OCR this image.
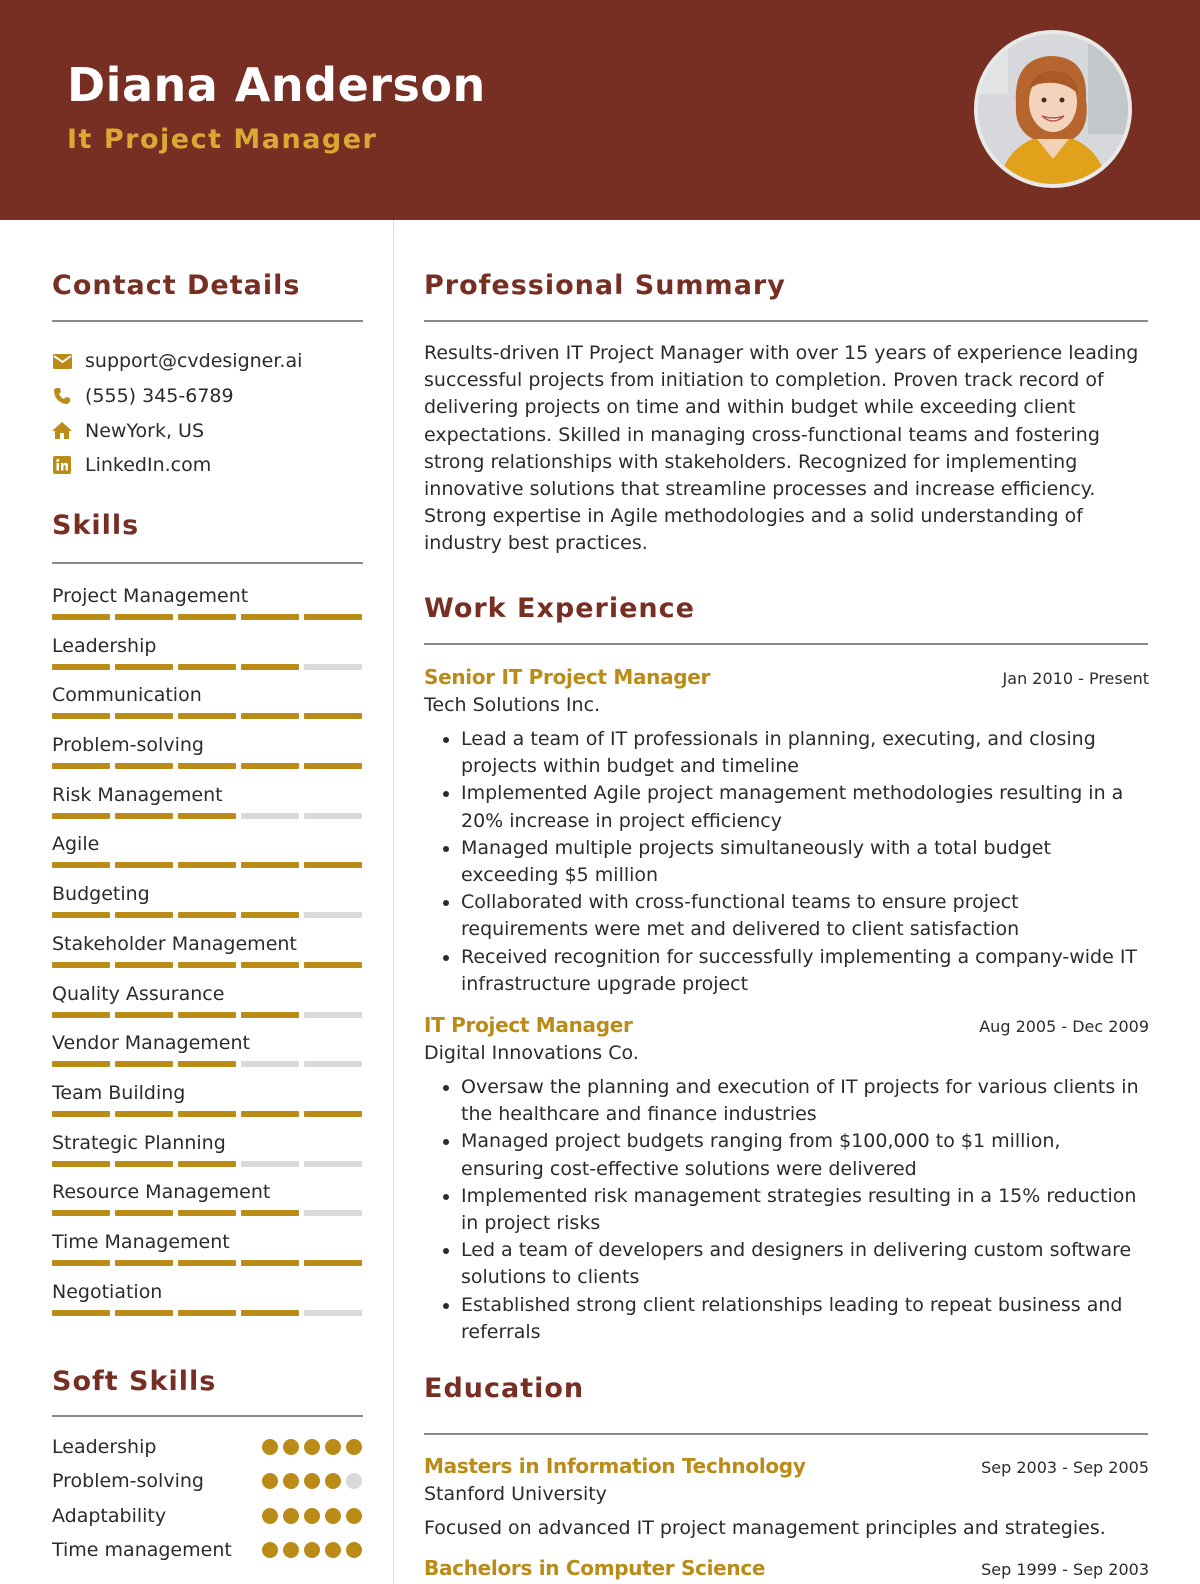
Diana Anderson
It Project Manager
Contact Details
support@cvdesigner.ai
(555) 345-6789
NewYork, US
LinkedIn.com
Skills
Project Management
Leadership
Communication
Problem-solving
Risk Management
Agile
Budgeting
Stakeholder Management
Quality Assurance
Vendor Management
Team Building
Strategic Planning
Resource Management
Time Management
Negotiation
Soft Skills
Leadership
Problem-solving
Adaptability
Time management
Professional Summary
Results-driven IT Project Manager with over 15 years of experience leading successful projects from initiation to completion. Proven track record of delivering projects on time and within budget while exceeding client expectations. Skilled in managing cross-functional teams and fostering strong relationships with stakeholders. Recognized for implementing innovative solutions that streamline processes and increase efficiency. Strong expertise in Agile methodologies and a solid understanding of industry best practices.
Work Experience
Senior IT Project Manager	Jan 2010 - Present
Tech Solutions Inc.
• Lead a team of IT professionals in planning, executing, and closing projects within budget and timeline
• Implemented Agile project management methodologies resulting in a 20% increase in project efficiency
• Managed multiple projects simultaneously with a total budget exceeding $5 million
• Collaborated with cross-functional teams to ensure project requirements were met and delivered to client satisfaction
• Received recognition for successfully implementing a company-wide IT infrastructure upgrade project
IT Project Manager	Aug 2005 - Dec 2009
Digital Innovations Co.
• Oversaw the planning and execution of IT projects for various clients in the healthcare and finance industries
• Managed project budgets ranging from $100,000 to $1 million, ensuring cost-effective solutions were delivered
• Implemented risk management strategies resulting in a 15% reduction in project risks
• Led a team of developers and designers in delivering custom software solutions to clients
• Established strong client relationships leading to repeat business and referrals
Education
Masters in Information Technology	Sep 2003 - Sep 2005
Stanford University
Focused on advanced IT project management principles and strategies.
Bachelors in Computer Science	Sep 1999 - Sep 2003
